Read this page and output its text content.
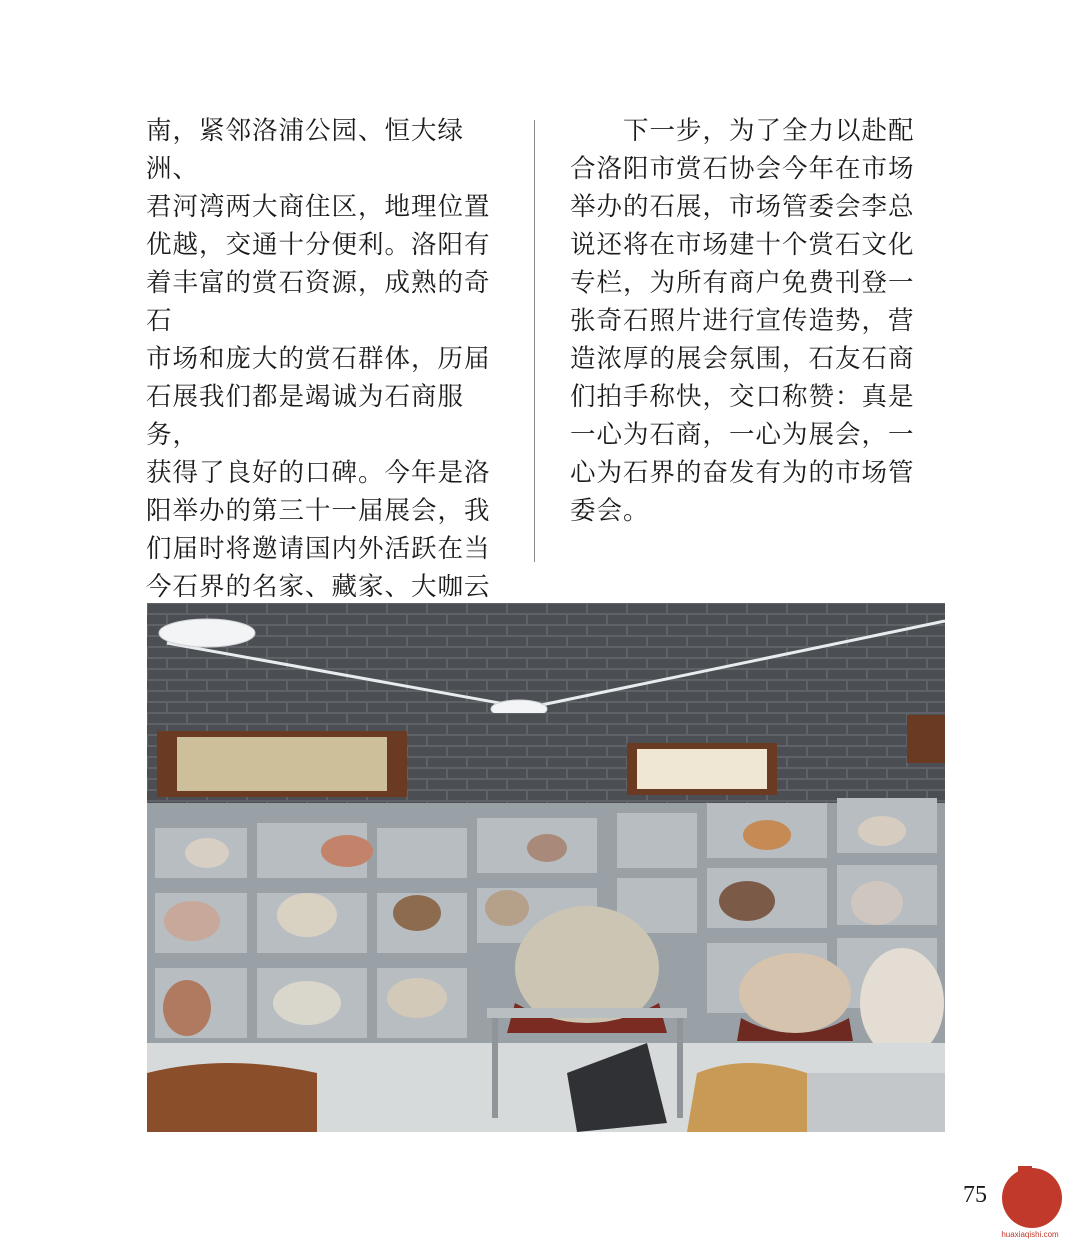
南，紧邻洛浦公园、恒大绿洲、
君河湾两大商住区，地理位置
优越，交通十分便利。洛阳有
着丰富的赏石资源，成熟的奇石
市场和庞大的赏石群体，历届
石展我们都是竭诚为石商服务，
获得了良好的口碑。今年是洛
阳举办的第三十一届展会，我
们届时将邀请国内外活跃在当
今石界的名家、藏家、大咖云

　　下一步，为了全力以赴配
合洛阳市赏石协会今年在市场
举办的石展，市场管委会李总
说还将在市场建十个赏石文化
专栏，为所有商户免费刊登一
张奇石照片进行宣传造势，营
造浓厚的展会氛围，石友石商
们拍手称快，交口称赞：真是
一心为石商，一心为展会，一
心为石界的奋发有为的市场管
委会。
75
huaxiaqishi.com
